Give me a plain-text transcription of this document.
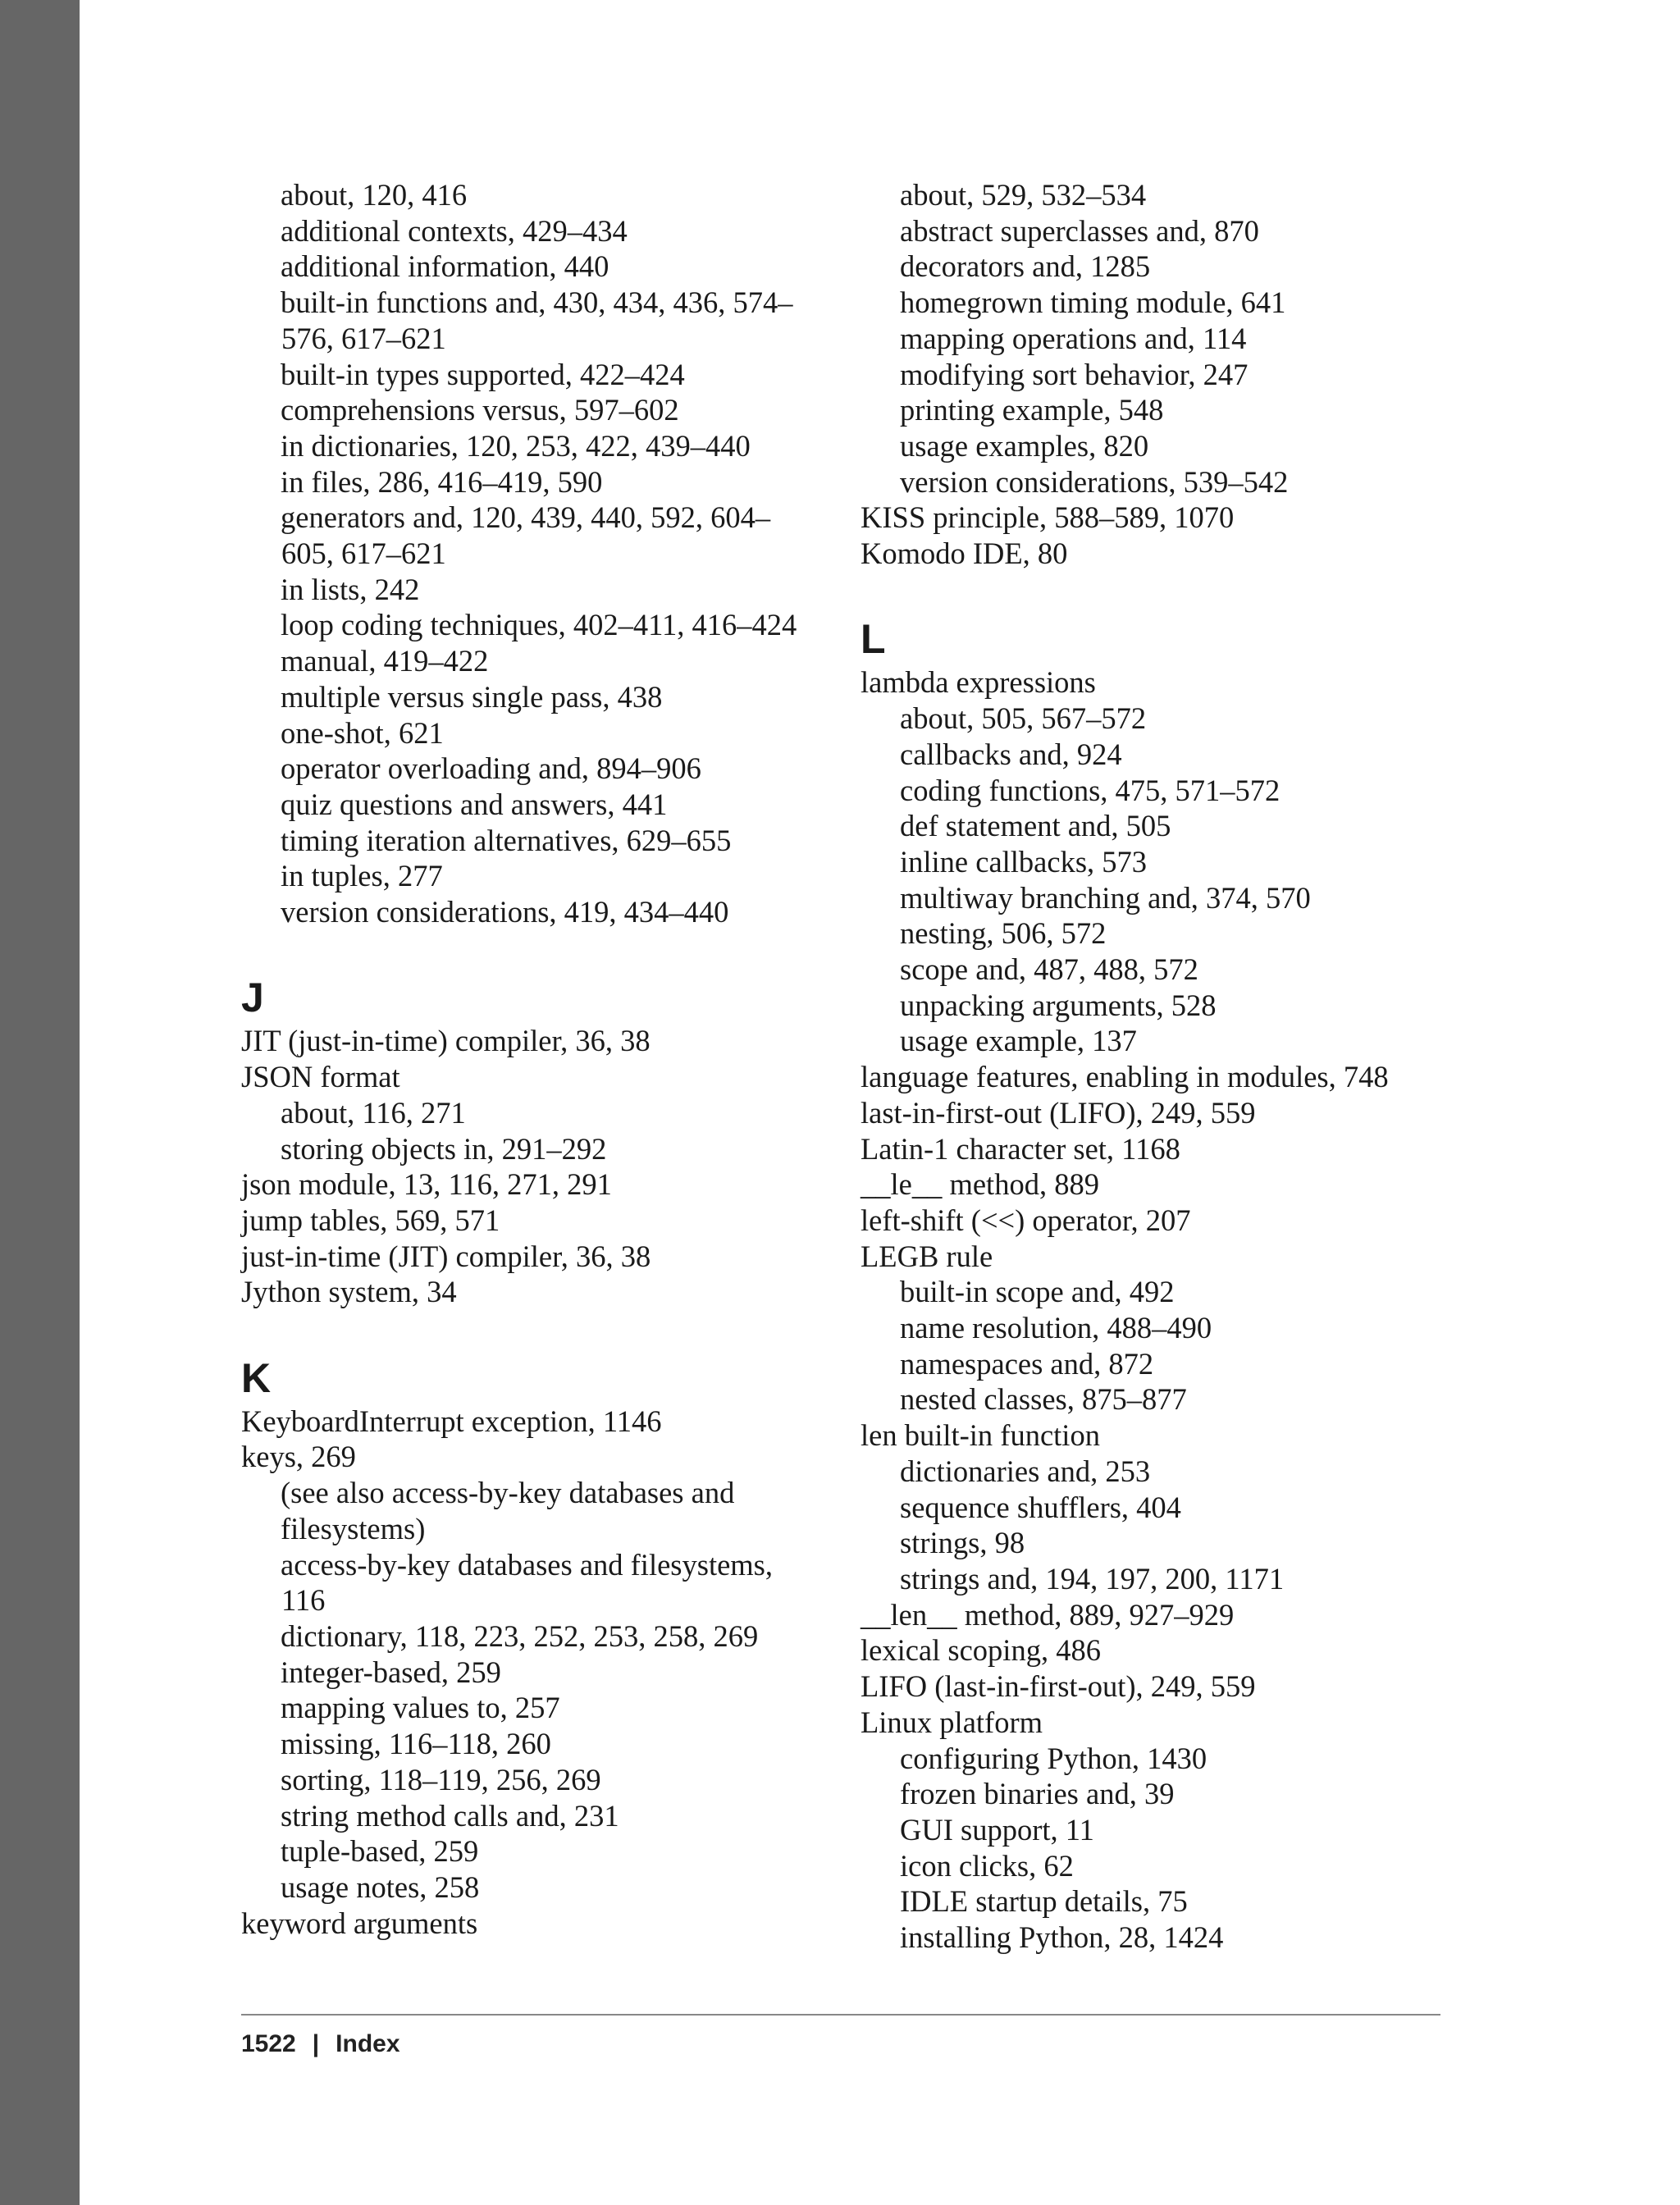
about, 120, 416
additional contexts, 429–434
additional information, 440
built-in functions and, 430, 434, 436, 574–
576, 617–621
built-in types supported, 422–424
comprehensions versus, 597–602
in dictionaries, 120, 253, 422, 439–440
in files, 286, 416–419, 590
generators and, 120, 439, 440, 592, 604–
605, 617–621
in lists, 242
loop coding techniques, 402–411, 416–424
manual, 419–422
multiple versus single pass, 438
one-shot, 621
operator overloading and, 894–906
quiz questions and answers, 441
timing iteration alternatives, 629–655
in tuples, 277
version considerations, 419, 434–440
J
JIT (just-in-time) compiler, 36, 38
JSON format
about, 116, 271
storing objects in, 291–292
json module, 13, 116, 271, 291
jump tables, 569, 571
just-in-time (JIT) compiler, 36, 38
Jython system, 34
K
KeyboardInterrupt exception, 1146
keys, 269
(see also access-by-key databases and
filesystems)
access-by-key databases and filesystems,
116
dictionary, 118, 223, 252, 253, 258, 269
integer-based, 259
mapping values to, 257
missing, 116–118, 260
sorting, 118–119, 256, 269
string method calls and, 231
tuple-based, 259
usage notes, 258
keyword arguments
about, 529, 532–534
abstract superclasses and, 870
decorators and, 1285
homegrown timing module, 641
mapping operations and, 114
modifying sort behavior, 247
printing example, 548
usage examples, 820
version considerations, 539–542
KISS principle, 588–589, 1070
Komodo IDE, 80
L
lambda expressions
about, 505, 567–572
callbacks and, 924
coding functions, 475, 571–572
def statement and, 505
inline callbacks, 573
multiway branching and, 374, 570
nesting, 506, 572
scope and, 487, 488, 572
unpacking arguments, 528
usage example, 137
language features, enabling in modules, 748
last-in-first-out (LIFO), 249, 559
Latin-1 character set, 1168
__le__ method, 889
left-shift (<<) operator, 207
LEGB rule
built-in scope and, 492
name resolution, 488–490
namespaces and, 872
nested classes, 875–877
len built-in function
dictionaries and, 253
sequence shufflers, 404
strings, 98
strings and, 194, 197, 200, 1171
__len__ method, 889, 927–929
lexical scoping, 486
LIFO (last-in-first-out), 249, 559
Linux platform
configuring Python, 1430
frozen binaries and, 39
GUI support, 11
icon clicks, 62
IDLE startup details, 75
installing Python, 28, 1424
1522 | Index
